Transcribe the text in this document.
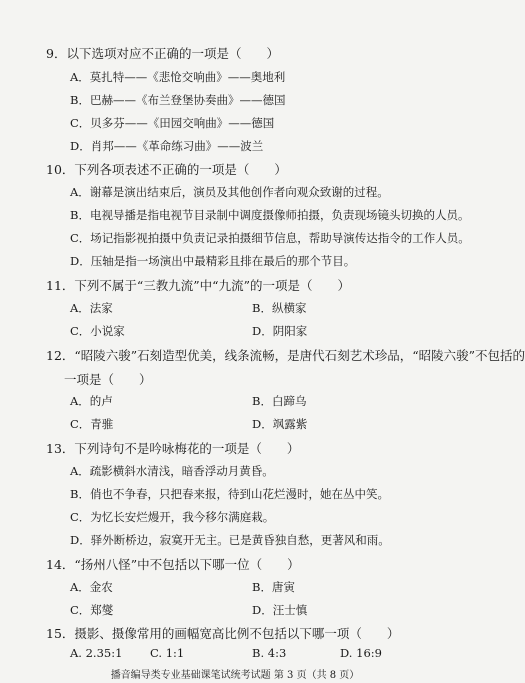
9．以下选项对应不正确的一项是（　　）
A．莫扎特——《悲怆交响曲》——奥地利
B．巴赫——《布兰登堡协奏曲》——德国
C．贝多芬——《田园交响曲》——德国
D．肖邦——《革命练习曲》——波兰
10．下列各项表述不正确的一项是（　　）
A．谢幕是演出结束后，演员及其他创作者向观众致谢的过程。
B．电视导播是指电视节目录制中调度摄像师拍摄，负责现场镜头切换的人员。
C．场记指影视拍摄中负责记录拍摄细节信息，帮助导演传达指令的工作人员。
D．压轴是指一场演出中最精彩且排在最后的那个节目。
11．下列不属于“三教九流”中“九流”的一项是（　　）
A．法家	B．纵横家
C．小说家	D．阴阳家
12．“昭陵六骏”石刻造型优美，线条流畅，是唐代石刻艺术珍品，“昭陵六骏”不包括的
一项是（　　）
A．的卢	B．白蹄乌
C．青骓	D．飒露紫
13．下列诗句不是吟咏梅花的一项是（　　）
A．疏影横斜水清浅，暗香浮动月黄昏。
B．俏也不争春，只把春来报，待到山花烂漫时，她在丛中笑。
C．为忆长安烂熳开，我今移尔满庭栽。
D．驿外断桥边，寂寞开无主。已是黄昏独自愁，更著风和雨。
14．“扬州八怪”中不包括以下哪一位（　　）
播音编导类专业基础课笔试统考试题 第 3 页（共 8 页）
A．金农	B．唐寅
C．郑燮	D．汪士慎
15．摄影、摄像常用的画幅宽高比例不包括以下哪一项（　　）
A. 2.35:1	B. 4:3
C. 1:1	D. 16:9
